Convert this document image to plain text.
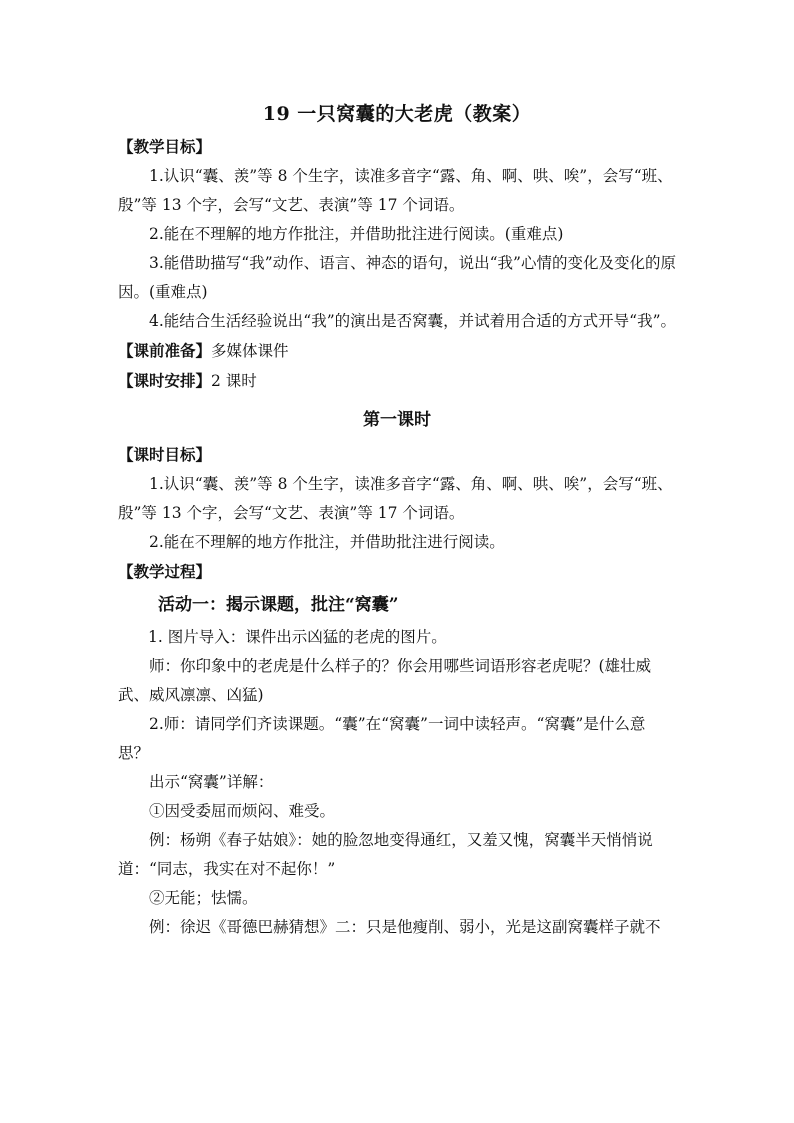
19 一只窝囊的大老虎（教案）

【教学目标】

1.认识“囊、羡”等 8 个生字，读准多音字“露、角、啊、哄、唉”，会写“班、殷”等 13 个字，会写“文艺、表演”等 17 个词语。

2.能在不理解的地方作批注，并借助批注进行阅读。(重难点)

3.能借助描写“我”动作、语言、神态的语句，说出“我”心情的变化及变化的原因。(重难点)

4.能结合生活经验说出“我”的演出是否窝囊，并试着用合适的方式开导“我”。

【课前准备】多媒体课件

【课时安排】2 课时

第一课时

【课时目标】

1.认识“囊、羡”等 8 个生字，读准多音字“露、角、啊、哄、唉”，会写“班、殷”等 13 个字，会写“文艺、表演”等 17 个词语。

2.能在不理解的地方作批注，并借助批注进行阅读。

【教学过程】

活动一：揭示课题，批注“窝囊”

1. 图片导入：课件出示凶猛的老虎的图片。

师：你印象中的老虎是什么样子的？你会用哪些词语形容老虎呢？(雄壮威武、威风凛凛、凶猛)

2.师：请同学们齐读课题。“囊”在“窝囊”一词中读轻声。“窝囊”是什么意思？

出示“窝囊”详解：

①因受委屈而烦闷、难受。

例：杨朔《春子姑娘》：她的脸忽地变得通红，又羞又愧，窝囊半天悄悄说道：“同志，我实在对不起你！”

②无能；怯懦。

例：徐迟《哥德巴赫猜想》二：只是他瘦削、弱小，光是这副窝囊样子就不
